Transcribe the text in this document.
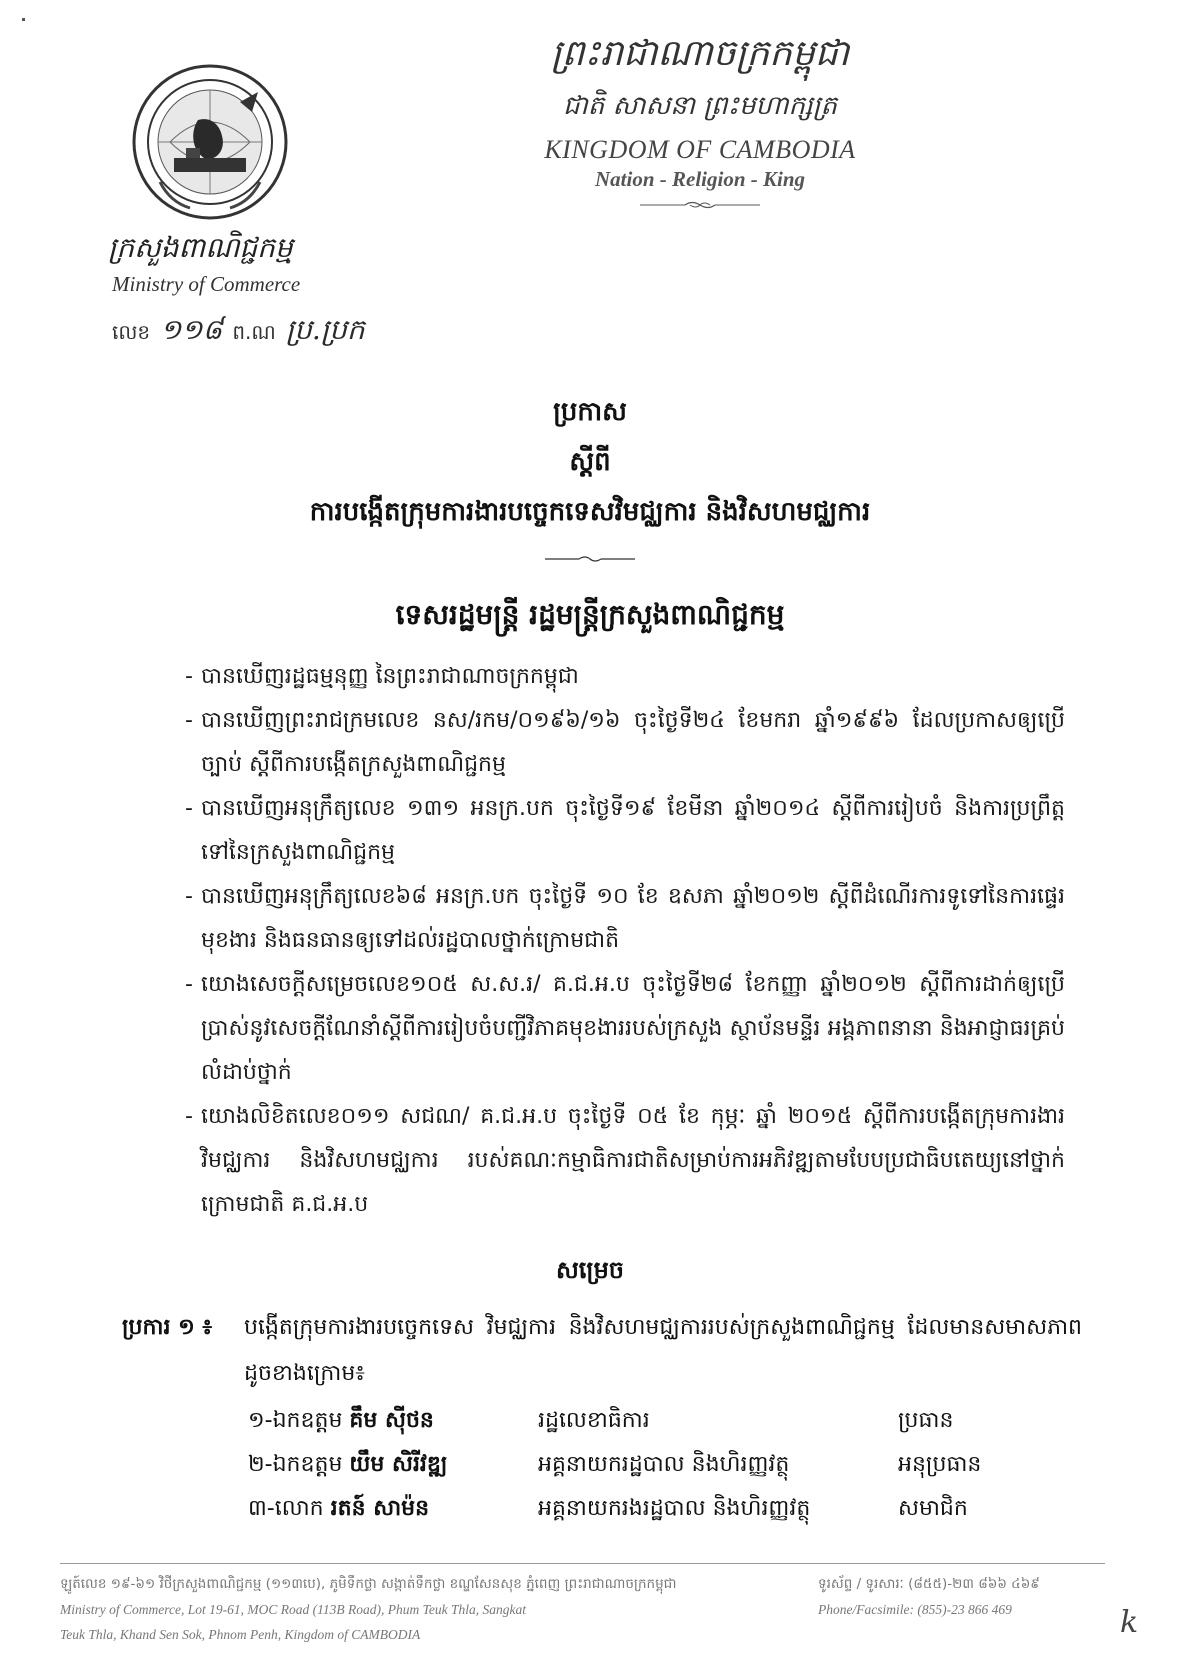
ក្រសួងពាណិជ្ជកម្ម
Ministry of Commerce
លេខ ១១៨ ព.ណ ប្រ.ប្រក
ព្រះរាជាណាចក្រកម្ពុជា
ជាតិ សាសនា ព្រះមហាក្សត្រ
KINGDOM OF CAMBODIA
Nation - Religion - King
ប្រកាស
ស្តីពី
ការបង្កើតក្រុមការងារបច្ចេកទេសវិមជ្ឈការ និងវិសហមជ្ឈការ
ទេសរដ្ឋមន្ត្រី រដ្ឋមន្ត្រីក្រសួងពាណិជ្ជកម្ម
- បានឃើញរដ្ឋធម្មនុញ្ញ នៃព្រះរាជាណាចក្រកម្ពុជា
- បានឃើញព្រះរាជក្រមលេខ នស/រកម/០១៩៦/១៦ ចុះថ្ងៃទី២៤ ខែមករា ឆ្នាំ១៩៩៦ ដែលប្រកាសឲ្យប្រើច្បាប់ ស្តីពីការបង្កើតក្រសួងពាណិជ្ជកម្ម
- បានឃើញអនុក្រឹត្យលេខ ១៣១ អនក្រ.បក ចុះថ្ងៃទី១៩ ខែមីនា ឆ្នាំ២០១៤ ស្តីពីការរៀបចំ និងការប្រព្រឹត្ត ទៅនៃក្រសួងពាណិជ្ជកម្ម
- បានឃើញអនុក្រឹត្យលេខ៦៨ អនក្រ.បក ចុះថ្ងៃទី ១០ ខែ ឧសភា ឆ្នាំ២០១២ ស្តីពីដំណើរការទូទៅនៃការផ្ទេរមុខងារ និងធនធានឲ្យទៅដល់រដ្ឋបាលថ្នាក់ក្រោមជាតិ
- យោងសេចក្តីសម្រេចលេខ១០៥ ស.ស.រ/ គ.ជ.អ.ប ចុះថ្ងៃទី២៨ ខែកញ្ញា ឆ្នាំ២០១២ ស្តីពីការដាក់ឲ្យប្រើប្រាស់នូវសេចក្តីណែនាំស្តីពីការរៀបចំបញ្ជីវិភាគមុខងាររបស់ក្រសួង ស្ថាប័នមន្ទីរ អង្គភាពនានា និងអាជ្ញាធរគ្រប់លំដាប់ថ្នាក់
- យោងលិខិតលេខ០១១ សជណ/ គ.ជ.អ.ប ចុះថ្ងៃទី ០៥ ខែ កុម្ភៈ ឆ្នាំ ២០១៥ ស្តីពីការបង្កើតក្រុមការងារវិមជ្ឈការ និងវិសហមជ្ឈការ របស់គណៈកម្មាធិការជាតិសម្រាប់ការអភិវឌ្ឍតាមបែបប្រជាធិបតេយ្យនៅថ្នាក់ក្រោមជាតិ គ.ជ.អ.ប
សម្រេច
ប្រការ ១ ៖	បង្កើតក្រុមការងារបច្ចេកទេស វិមជ្ឈការ និងវិសហមជ្ឈការរបស់ក្រសួងពាណិជ្ជកម្ម ដែលមានសមាសភាពដូចខាងក្រោម៖
១-ឯកឧត្តម គឹម ស៊ីថន	រដ្ឋលេខាធិការ	ប្រធាន
២-ឯកឧត្តម យឹម សិរីវឌ្ឍ	អគ្គនាយករដ្ឋបាល និងហិរញ្ញវត្ថុ	អនុប្រធាន
៣-លោក រតន៍ សាម៉ន	អគ្គនាយករងរដ្ឋបាល និងហិរញ្ញវត្ថុ	សមាជិក
ឡូត៍លេខ ១៩-៦១ វិថីក្រសួងពាណិជ្ជកម្ម (១១៣បេ), ភូមិទឹកថ្លា សង្កាត់ទឹកថ្លា ខណ្ឌសែនសុខ ភ្នំពេញ ព្រះរាជាណាចក្រកម្ពុជា
Ministry of Commerce, Lot 19-61, MOC Road (113B Road), Phum Teuk Thla, Sangkat
Teuk Thla, Khand Sen Sok, Phnom Penh, Kingdom of CAMBODIA
ទូរស័ព្ទ / ទូរសារៈ (៨៥៥)-២៣ ៨៦៦ ៤៦៩
Phone/Facsimile: (855)-23 866 469	k
